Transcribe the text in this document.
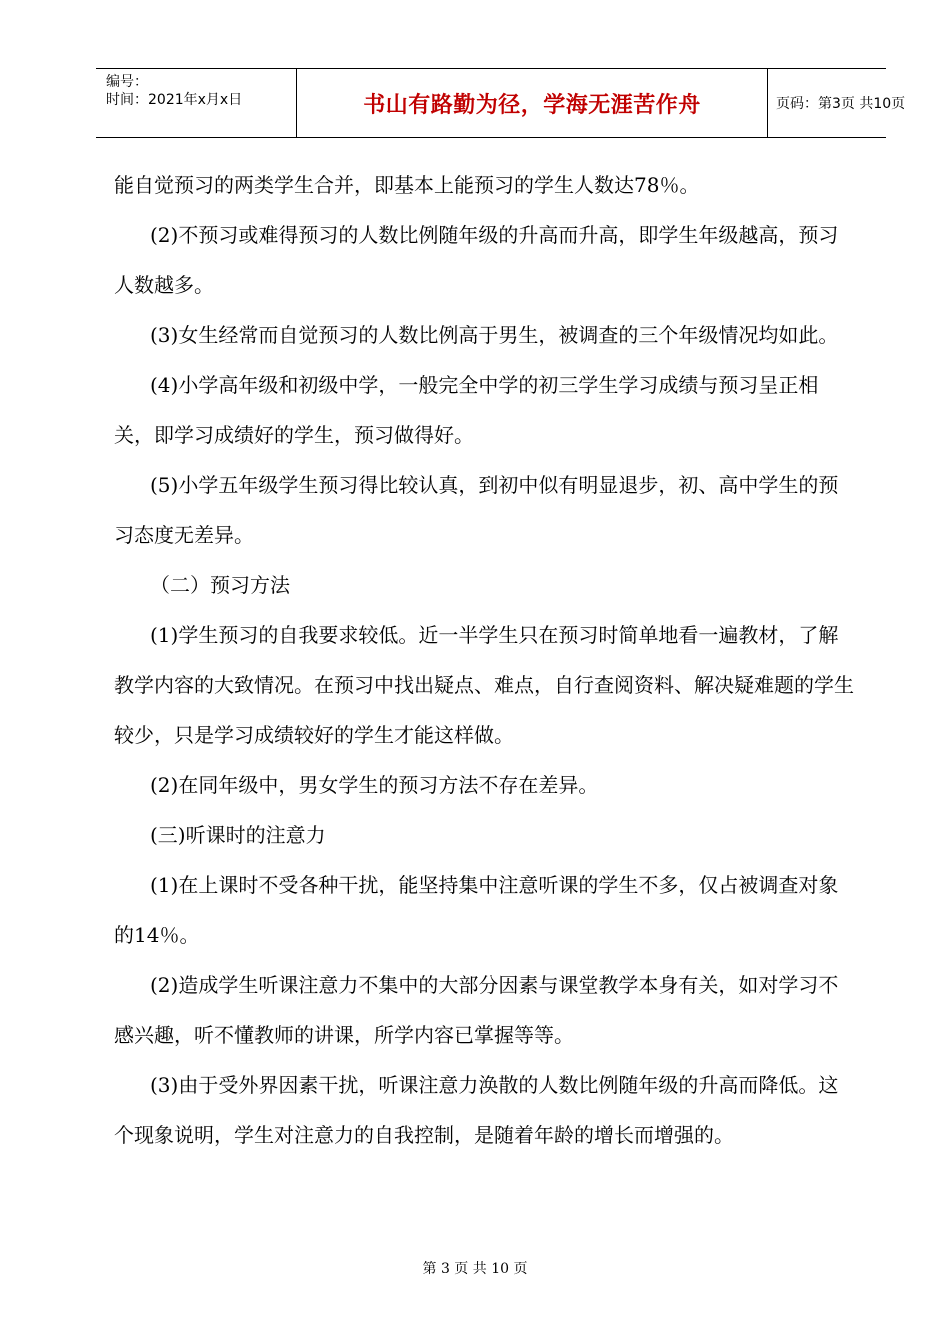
编号：
时间：2021年x月x日	书山有路勤为径，学海无涯苦作舟	页码：第3页 共10页

能自觉预习的两类学生合并，即基本上能预习的学生人数达78％。

(2)不预习或难得预习的人数比例随年级的升高而升高，即学生年级越高，预习人数越多。

(3)女生经常而自觉预习的人数比例高于男生，被调查的三个年级情况均如此。

(4)小学高年级和初级中学，一般完全中学的初三学生学习成绩与预习呈正相关，即学习成绩好的学生，预习做得好。

(5)小学五年级学生预习得比较认真，到初中似有明显退步，初、高中学生的预习态度无差异。

（二）预习方法

(1)学生预习的自我要求较低。近一半学生只在预习时简单地看一遍教材，了解教学内容的大致情况。在预习中找出疑点、难点，自行查阅资料、解决疑难题的学生较少，只是学习成绩较好的学生才能这样做。

(2)在同年级中，男女学生的预习方法不存在差异。

(三)听课时的注意力

(1)在上课时不受各种干扰，能坚持集中注意听课的学生不多，仅占被调查对象的14％。

(2)造成学生听课注意力不集中的大部分因素与课堂教学本身有关，如对学习不感兴趣，听不懂教师的讲课，所学内容已掌握等等。

(3)由于受外界因素干扰，听课注意力涣散的人数比例随年级的升高而降低。这个现象说明，学生对注意力的自我控制，是随着年龄的增长而增强的。

第 3 页 共 10 页
